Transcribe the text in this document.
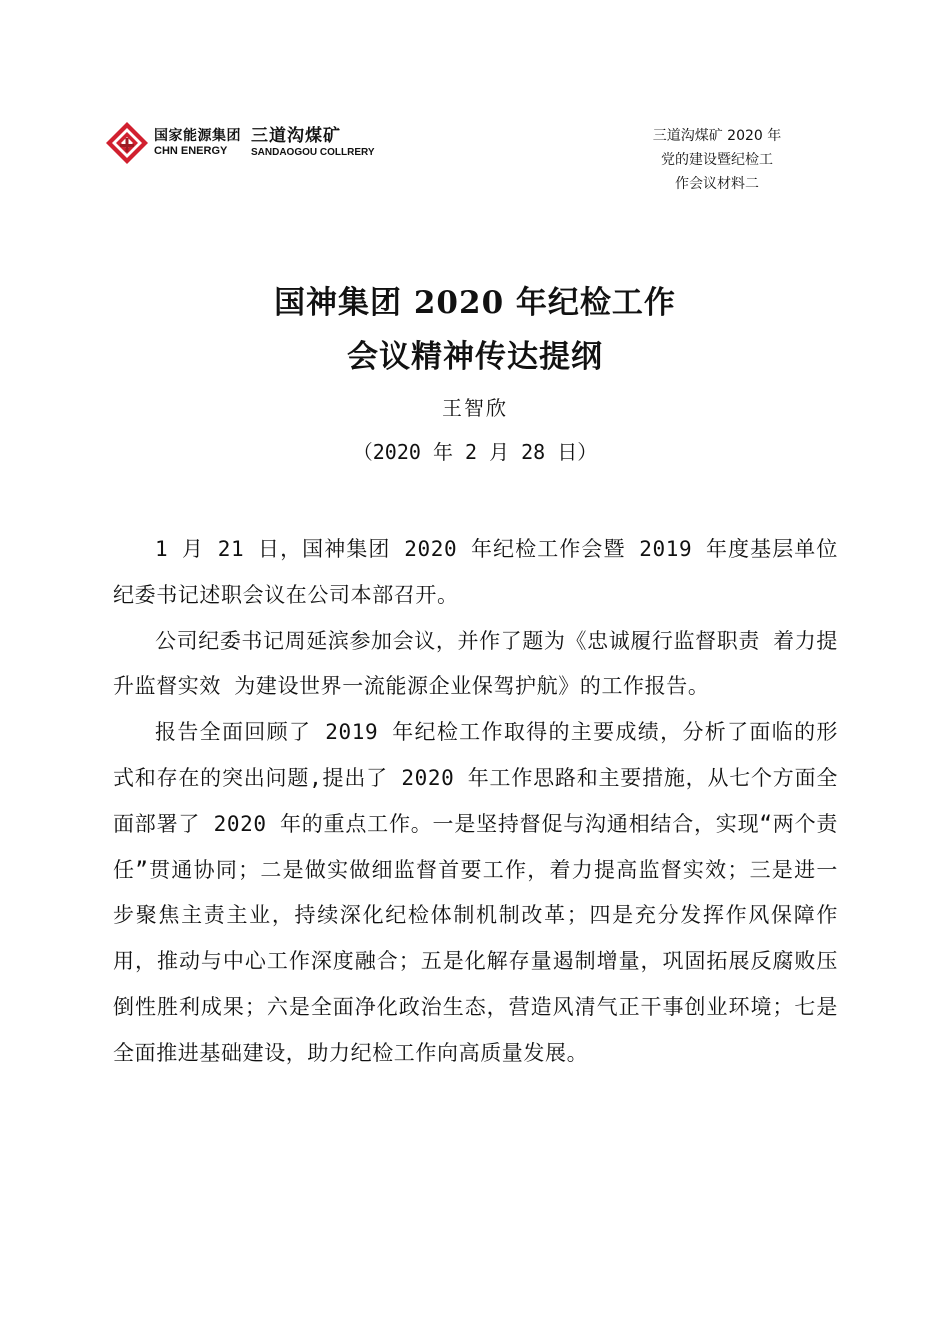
国家能源集团
CHN ENERGY
三道沟煤矿
SANDAOGOU COLLRERY
三道沟煤矿 2020 年
党的建设暨纪检工
作会议材料二
国神集团 2020 年纪检工作
会议精神传达提纲
王智欣
（2020 年 2 月 28 日）

1 月 21 日，国神集团 2020 年纪检工作会暨 2019 年度基层单位纪委书记述职会议在公司本部召开。

公司纪委书记周延滨参加会议，并作了题为《忠诚履行监督职责 着力提升监督实效 为建设世界一流能源企业保驾护航》的工作报告。

报告全面回顾了 2019 年纪检工作取得的主要成绩，分析了面临的形式和存在的突出问题,提出了 2020 年工作思路和主要措施，从七个方面全面部署了 2020 年的重点工作。一是坚持督促与沟通相结合，实现“两个责任”贯通协同；二是做实做细监督首要工作，着力提高监督实效；三是进一步聚焦主责主业，持续深化纪检体制机制改革；四是充分发挥作风保障作用，推动与中心工作深度融合；五是化解存量遏制增量，巩固拓展反腐败压倒性胜利成果；六是全面净化政治生态，营造风清气正干事创业环境；七是全面推进基础建设，助力纪检工作向高质量发展。
